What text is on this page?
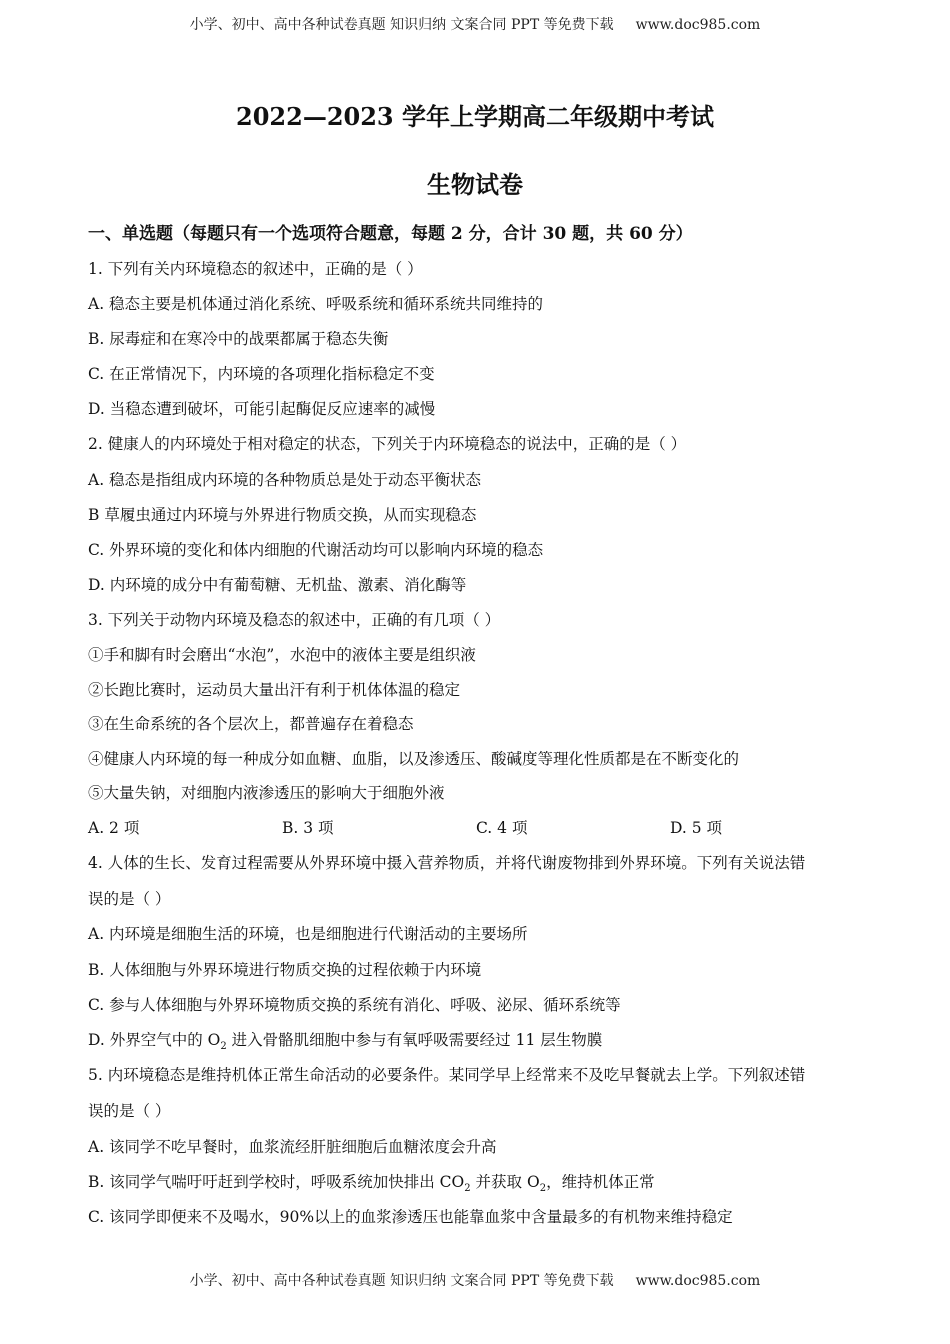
小学、初中、高中各种试卷真题 知识归纳 文案合同 PPT 等免费下载 www.doc985.com
2022—2023 学年上学期高二年级期中考试
生物试卷
一、单选题（每题只有一个选项符合题意，每题 2 分，合计 30 题，共 60 分）
1. 下列有关内环境稳态的叙述中，正确的是（ ）
A. 稳态主要是机体通过消化系统、呼吸系统和循环系统共同维持的
B. 尿毒症和在寒冷中的战栗都属于稳态失衡
C. 在正常情况下，内环境的各项理化指标稳定不变
D. 当稳态遭到破坏，可能引起酶促反应速率的减慢
2. 健康人的内环境处于相对稳定的状态，下列关于内环境稳态的说法中，正确的是（ ）
A. 稳态是指组成内环境的各种物质总是处于动态平衡状态
B 草履虫通过内环境与外界进行物质交换，从而实现稳态
C. 外界环境的变化和体内细胞的代谢活动均可以影响内环境的稳态
D. 内环境的成分中有葡萄糖、无机盐、激素、消化酶等
3. 下列关于动物内环境及稳态的叙述中，正确的有几项（ ）
①手和脚有时会磨出“水泡”，水泡中的液体主要是组织液
②长跑比赛时，运动员大量出汗有利于机体体温的稳定
③在生命系统的各个层次上，都普遍存在着稳态
④健康人内环境的每一种成分如血糖、血脂，以及渗透压、酸碱度等理化性质都是在不断变化的
⑤大量失钠，对细胞内液渗透压的影响大于细胞外液
A. 2 项	B. 3 项	C. 4 项	D. 5 项
4. 人体的生长、发育过程需要从外界环境中摄入营养物质，并将代谢废物排到外界环境。下列有关说法错
误的是（ ）
A. 内环境是细胞生活的环境，也是细胞进行代谢活动的主要场所
B. 人体细胞与外界环境进行物质交换的过程依赖于内环境
C. 参与人体细胞与外界环境物质交换的系统有消化、呼吸、泌尿、循环系统等
D. 外界空气中的 $O_2$ 进入骨骼肌细胞中参与有氧呼吸需要经过 11 层生物膜
5. 内环境稳态是维持机体正常生命活动的必要条件。某同学早上经常来不及吃早餐就去上学。下列叙述错
误的是（ ）
A. 该同学不吃早餐时，血浆流经肝脏细胞后血糖浓度会升高
B. 该同学气喘吁吁赶到学校时，呼吸系统加快排出 $CO_2$ 并获取 $O_2$，维持机体正常
C. 该同学即便来不及喝水，90%以上的血浆渗透压也能靠血浆中含量最多的有机物来维持稳定
小学、初中、高中各种试卷真题 知识归纳 文案合同 PPT 等免费下载 www.doc985.com
